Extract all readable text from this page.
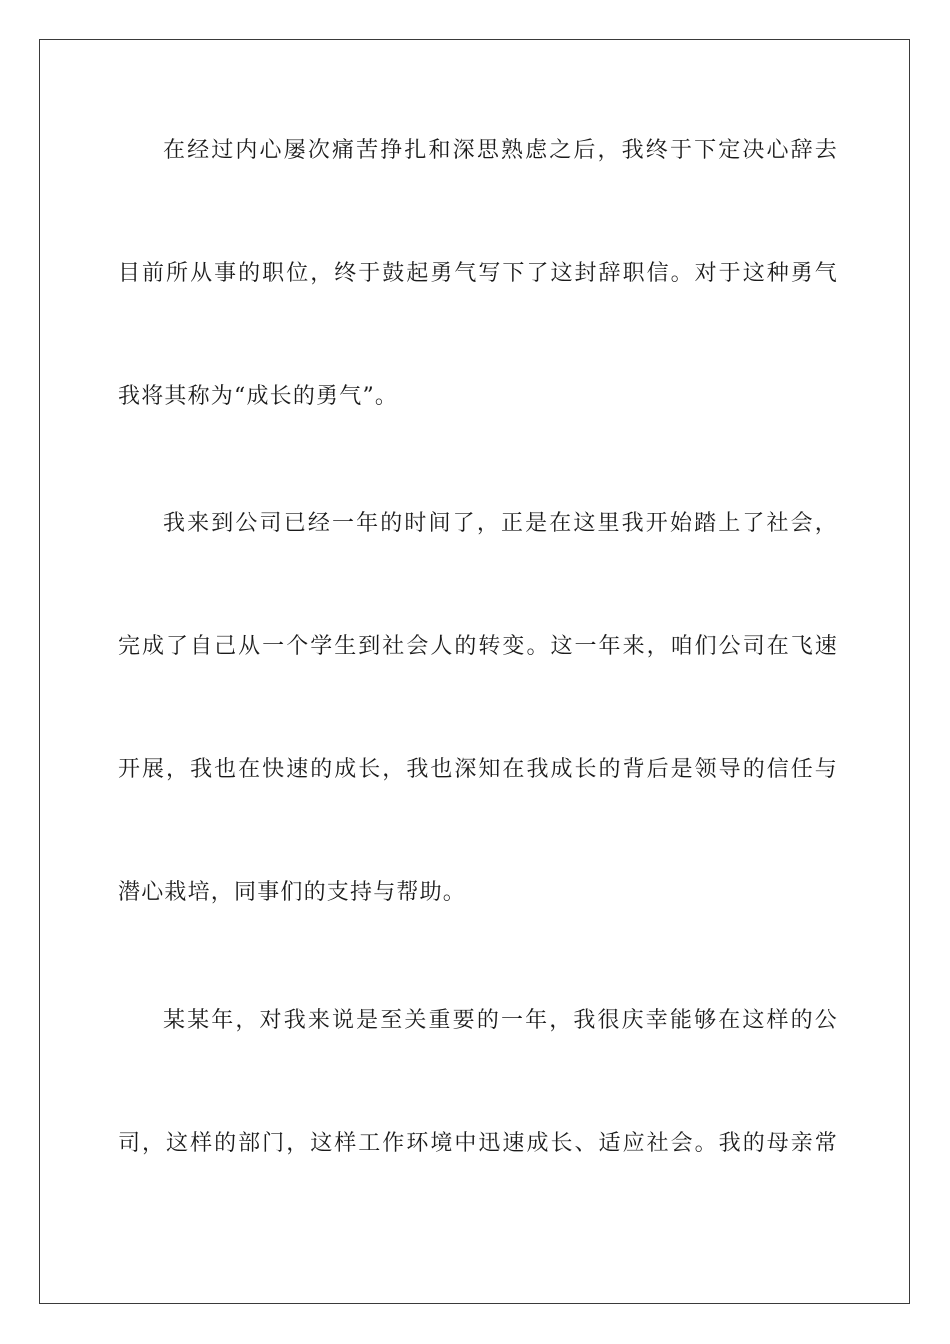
在经过内心屡次痛苦挣扎和深思熟虑之后，我终于下定决心辞去
目前所从事的职位，终于鼓起勇气写下了这封辞职信。对于这种勇气
我将其称为“成长的勇气”。
我来到公司已经一年的时间了，正是在这里我开始踏上了社会，
完成了自己从一个学生到社会人的转变。这一年来，咱们公司在飞速
开展，我也在快速的成长，我也深知在我成长的背后是领导的信任与
潜心栽培，同事们的支持与帮助。
某某年，对我来说是至关重要的一年，我很庆幸能够在这样的公
司，这样的部门，这样工作环境中迅速成长、适应社会。我的母亲常
